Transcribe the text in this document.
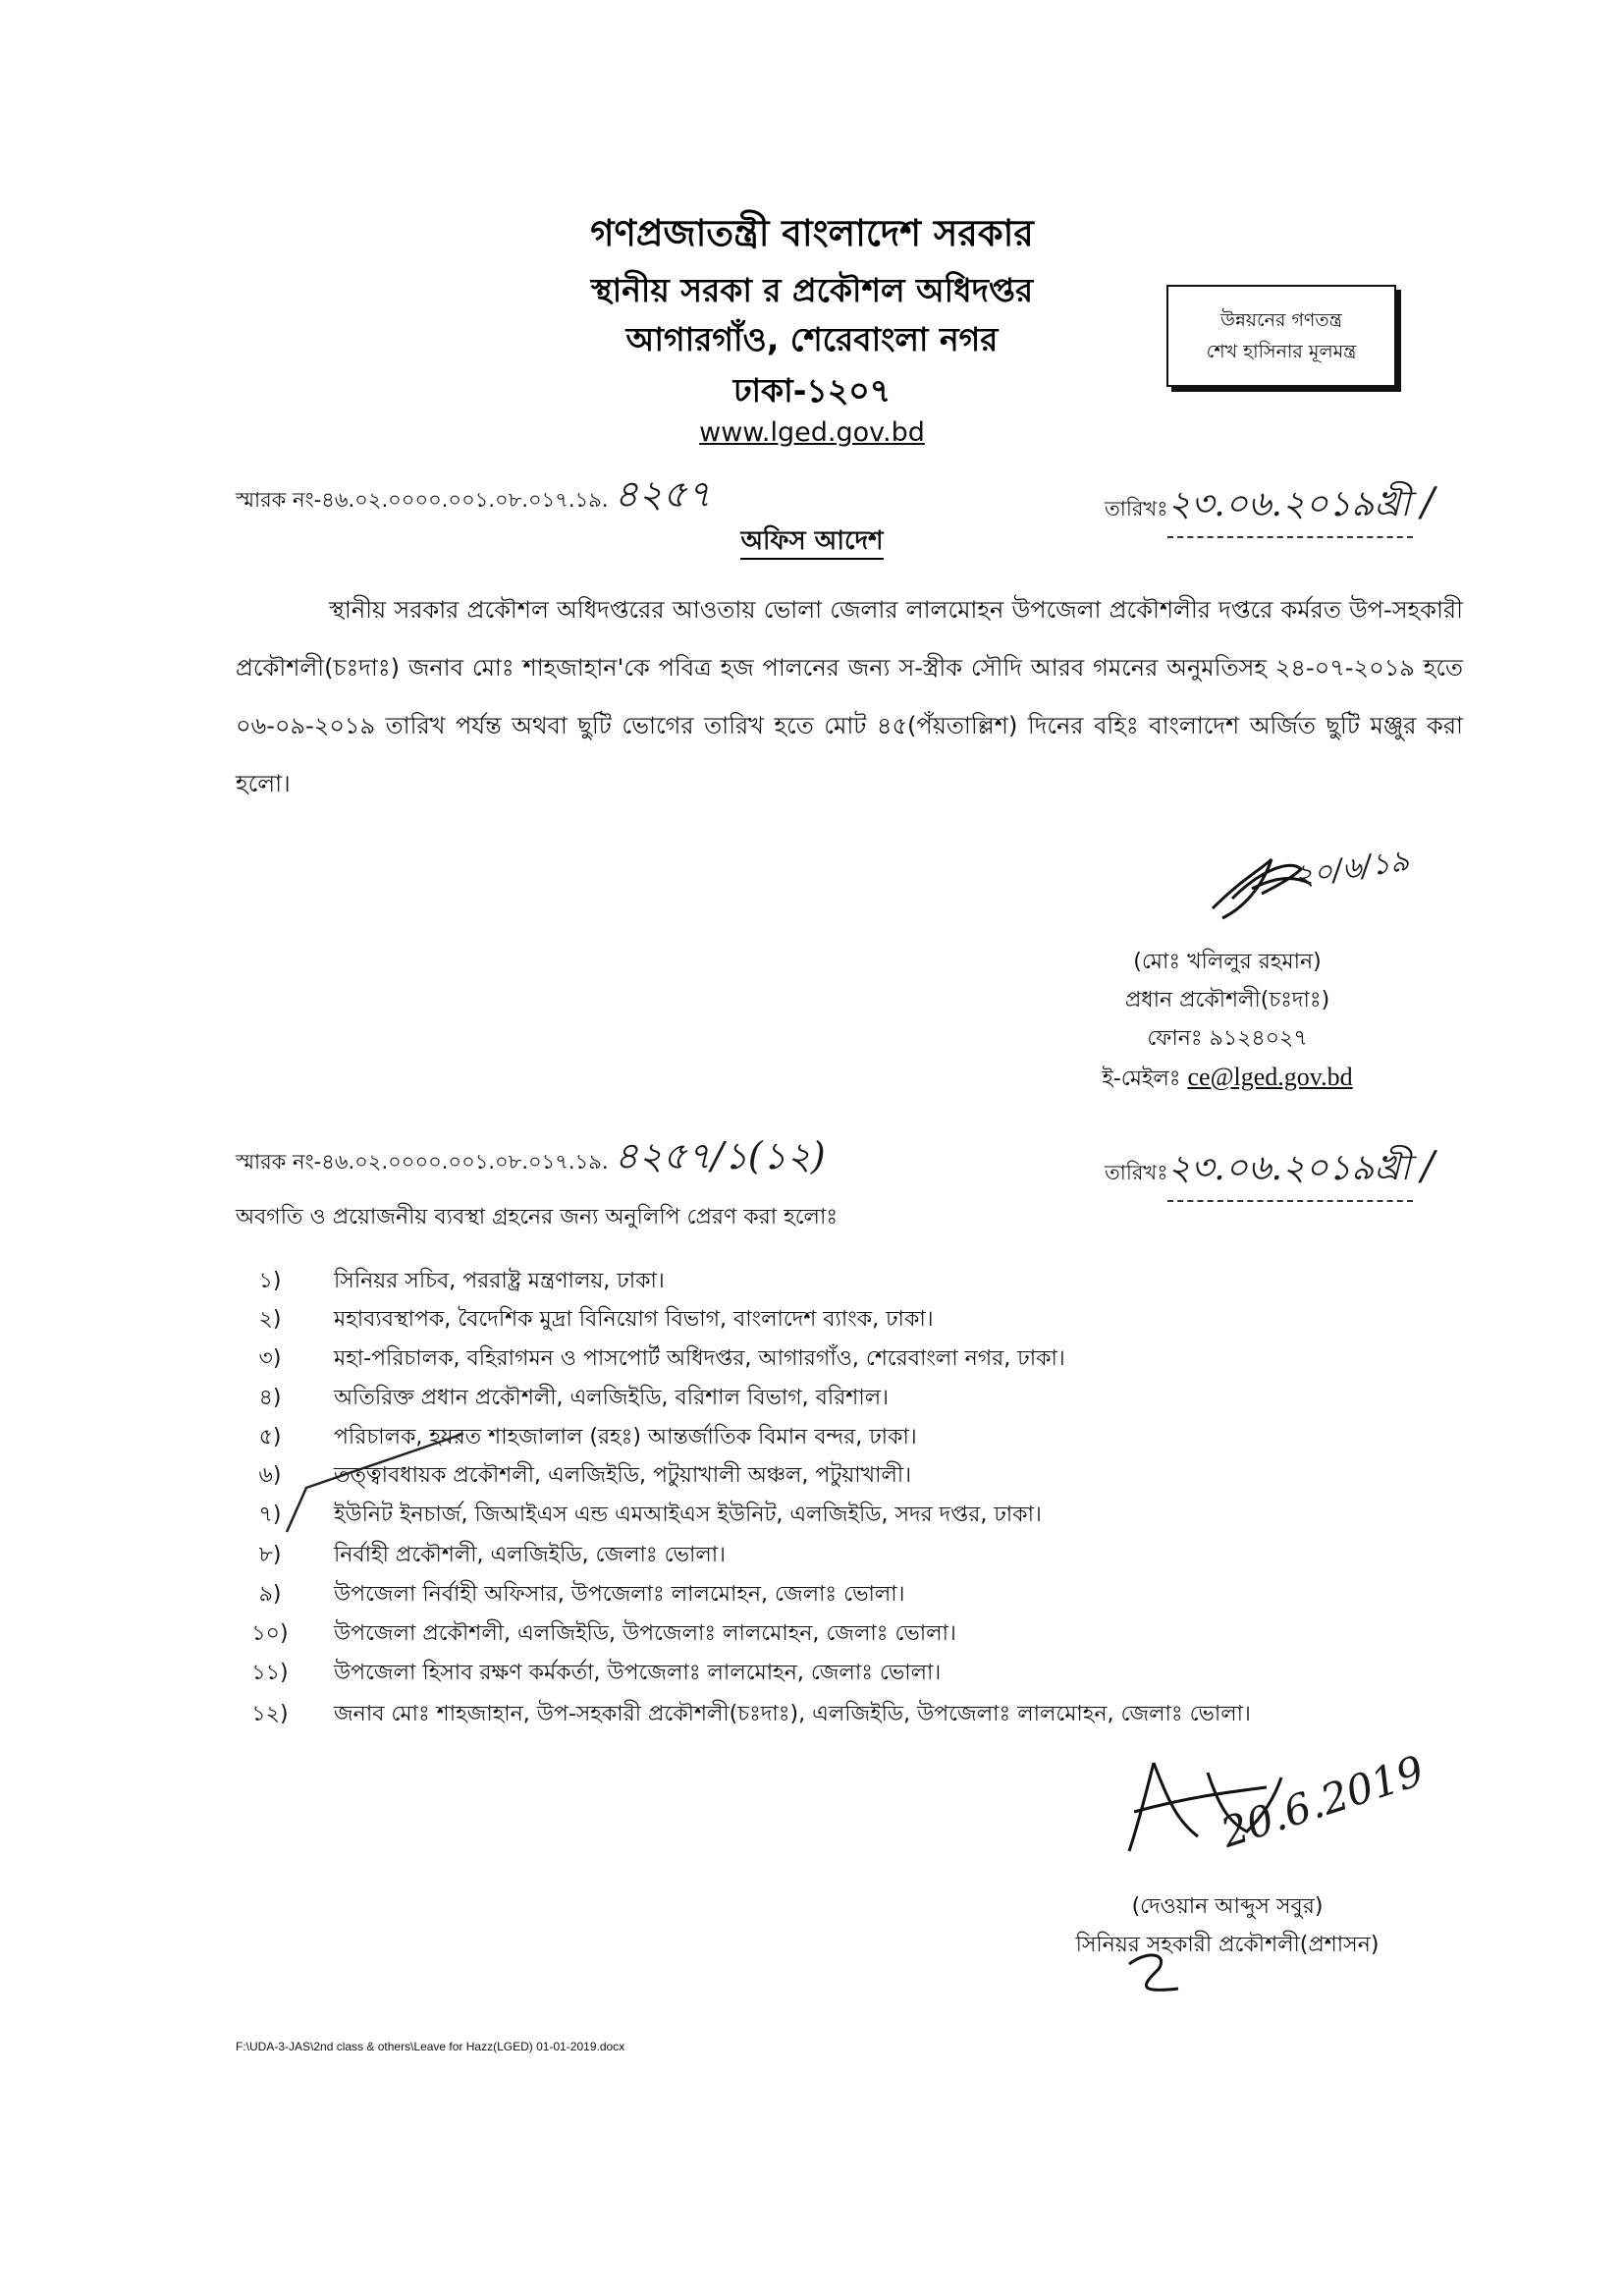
গণপ্রজাতন্ত্রী বাংলাদেশ সরকার
স্থানীয় সরকা র প্রকৌশল অধিদপ্তর
আগারগাঁও, শেরেবাংলা নগর
ঢাকা-১২০৭
www.lged.gov.bd
উন্নয়নের গণতন্ত্র
শেখ হাসিনার মূলমন্ত্র
স্মারক নং-৪৬.০২.০০০০.০০১.০৮.০১৭.১৯. ৪২৫৭	তারিখঃ২৩.০৬.২০১৯খ্রী /
অফিস আদেশ
স্থানীয় সরকার প্রকৌশল অধিদপ্তরের আওতায় ভোলা জেলার লালমোহন উপজেলা প্রকৌশলীর দপ্তরে কর্মরত উপ-সহকারী প্রকৌশলী(চঃদাঃ) জনাব মোঃ শাহজাহান'কে পবিত্র হজ পালনের জন্য স-স্ত্রীক সৌদি আরব গমনের অনুমতিসহ ২৪-০৭-২০১৯ হতে ০৬-০৯-২০১৯ তারিখ পর্যন্ত অথবা ছুটি ভোগের তারিখ হতে মোট ৪৫(পঁয়তাল্লিশ) দিনের বহিঃ বাংলাদেশ অর্জিত ছুটি মঞ্জুর করা হলো।
২০/৬/১৯
(মোঃ খলিলুর রহমান)
প্রধান প্রকৌশলী(চঃদাঃ)
ফোনঃ ৯১২৪০২৭
ই-মেইলঃ ce@lged.gov.bd
স্মারক নং-৪৬.০২.০০০০.০০১.০৮.০১৭.১৯. ৪২৫৭/১(১২)	তারিখঃ২৩.০৬.২০১৯খ্রী /
অবগতি ও প্রয়োজনীয় ব্যবস্থা গ্রহনের জন্য অনুলিপি প্রেরণ করা হলোঃ
১)	সিনিয়র সচিব, পররাষ্ট্র মন্ত্রণালয়, ঢাকা।
২)	মহাব্যবস্থাপক, বৈদেশিক মুদ্রা বিনিয়োগ বিভাগ, বাংলাদেশ ব্যাংক, ঢাকা।
৩)	মহা-পরিচালক, বহিরাগমন ও পাসপোর্ট অধিদপ্তর, আগারগাঁও, শেরেবাংলা নগর, ঢাকা।
৪)	অতিরিক্ত প্রধান প্রকৌশলী, এলজিইডি, বরিশাল বিভাগ, বরিশাল।
৫)	পরিচালক, হযরত শাহজালাল (রহঃ) আন্তর্জাতিক বিমান বন্দর, ঢাকা।
৬)	তত্ত্বাবধায়ক প্রকৌশলী, এলজিইডি, পটুয়াখালী অঞ্চল, পটুয়াখালী।
৭)	ইউনিট ইনচার্জ, জিআইএস এন্ড এমআইএস ইউনিট, এলজিইডি, সদর দপ্তর, ঢাকা।
৮)	নির্বাহী প্রকৌশলী, এলজিইডি, জেলাঃ ভোলা।
৯)	উপজেলা নির্বাহী অফিসার, উপজেলাঃ লালমোহন, জেলাঃ ভোলা।
১০)	উপজেলা প্রকৌশলী, এলজিইডি, উপজেলাঃ লালমোহন, জেলাঃ ভোলা।
১১)	উপজেলা হিসাব রক্ষণ কর্মকর্তা, উপজেলাঃ লালমোহন, জেলাঃ ভোলা।
১২)	জনাব মোঃ শাহজাহান, উপ-সহকারী প্রকৌশলী(চঃদাঃ), এলজিইডি, উপজেলাঃ লালমোহন, জেলাঃ ভোলা।
20.6.2019
(দেওয়ান আব্দুস সবুর)
সিনিয়র সহকারী প্রকৌশলী(প্রশাসন)
F:\UDA-3-JAS\2nd class & others\Leave for Hazz(LGED) 01-01-2019.docx
